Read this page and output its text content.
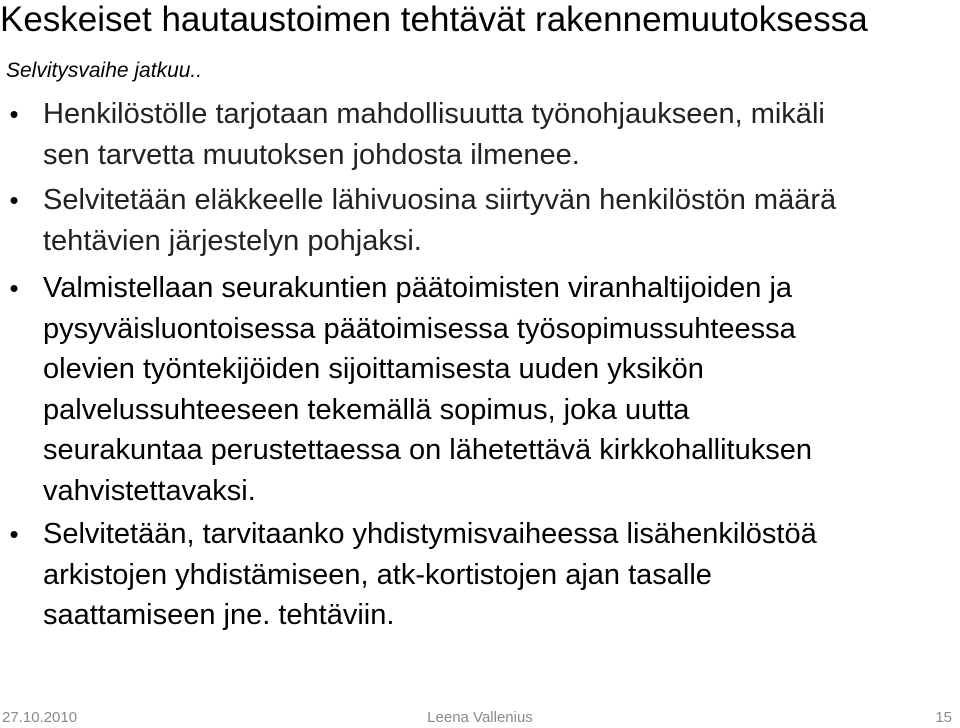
Keskeiset hautaustoimen tehtävät rakennemuutoksessa
Selvitysvaihe jatkuu..
• Henkilöstölle tarjotaan mahdollisuutta työnohjaukseen, mikäli
sen tarvetta muutoksen johdosta ilmenee.
• Selvitetään eläkkeelle lähivuosina siirtyvän henkilöstön määrä
tehtävien järjestelyn pohjaksi.
• Valmistellaan seurakuntien päätoimisten viranhaltijoiden ja
pysyväisluontoisessa päätoimisessa työsopimussuhteessa
olevien työntekijöiden sijoittamisesta uuden yksikön
palvelussuhteeseen tekemällä sopimus, joka uutta
seurakuntaa perustettaessa on lähetettävä kirkkohallituksen
vahvistettavaksi.
• Selvitetään, tarvitaanko yhdistymisvaiheessa lisähenkilöstöä
arkistojen yhdistämiseen, atk-kortistojen ajan tasalle
saattamiseen jne. tehtäviin.
27.10.2010	Leena Vallenius	15
